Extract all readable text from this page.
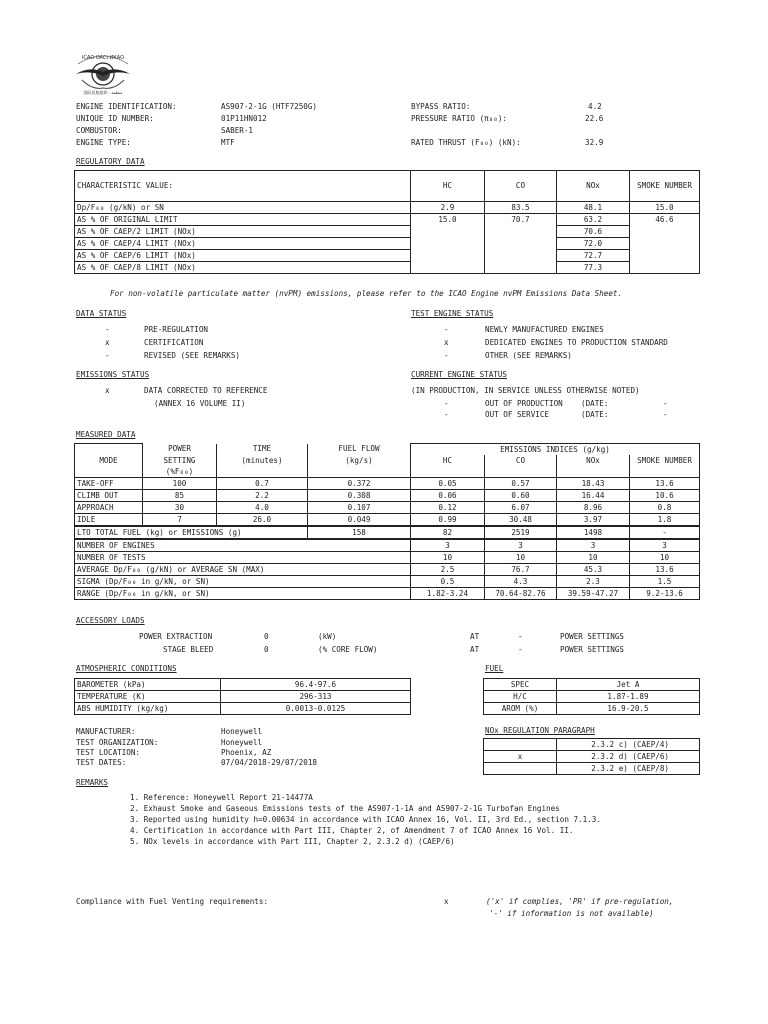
ICAO·OACI·ИКАО
国际民航组织 · منظمة
ENGINE IDENTIFICATION:	AS907-2-1G (HTF7250G)
UNIQUE ID NUMBER:	01P11HN012
COMBUSTOR:	SABER-1
ENGINE TYPE:	MTF
BYPASS RATIO:	4.2
PRESSURE RATIO (π₀₀):	22.6
RATED THRUST (F₀₀) (kN):	32.9
REGULATORY DATA
CHARACTERISTIC VALUE:	HC	CO	NOx	SMOKE NUMBER
Dp/F₀₀ (g/kN) or SN	2.9	83.5	48.1	15.0
AS % OF ORIGINAL LIMIT	15.0	70.7	63.2	46.6
AS % OF CAEP/2 LIMIT (NOx)			70.6	
AS % OF CAEP/4 LIMIT (NOx)			72.0	
AS % OF CAEP/6 LIMIT (NOx)			72.7	
AS % OF CAEP/8 LIMIT (NOx)			77.3	
For non-volatile particulate matter (nvPM) emissions, please refer to the ICAO Engine nvPM Emissions Data Sheet.
DATA STATUS
-	PRE-REGULATION
x	CERTIFICATION
-	REVISED (SEE REMARKS)
TEST ENGINE STATUS
-	NEWLY MANUFACTURED ENGINES
x	DEDICATED ENGINES TO PRODUCTION STANDARD
-	OTHER (SEE REMARKS)
EMISSIONS STATUS
x	DATA CORRECTED TO REFERENCE
(ANNEX 16 VOLUME II)
CURRENT ENGINE STATUS
(IN PRODUCTION, IN SERVICE UNLESS OTHERWISE NOTED)
-	OUT OF PRODUCTION (DATE:	-
-	OUT OF SERVICE	(DATE:	-
MEASURED DATA
	POWER	TIME	FUEL FLOW	EMISSIONS INDICES (g/kg)			
MODE	SETTING	(minutes)	(kg/s)	HC	CO	NOx	SMOKE NUMBER
	(%F₀₀)						
TAKE-OFF	100	0.7	0.372	0.05	0.57	18.43	13.6
CLIMB OUT	85	2.2	0.308	0.06	0.60	16.44	10.6
APPROACH	30	4.0	0.107	0.12	6.07	8.96	0.8
IDLE	7	26.0	0.049	0.99	30.48	3.97	1.8
LTO TOTAL FUEL (kg) or EMISSIONS (g)			158	82	2519	1498	-
NUMBER OF ENGINES				3	3	3	3
NUMBER OF TESTS				10	10	10	10
AVERAGE Dp/F₀₀ (g/kN) or AVERAGE SN (MAX)				2.5	76.7	45.3	13.6
SIGMA (Dp/F₀₀ in g/kN, or SN)				0.5	4.3	2.3	1.5
RANGE (Dp/F₀₀ in g/kN, or SN)				1.82-3.24	70.64-82.76	39.59-47.27	9.2-13.6
ACCESSORY LOADS
POWER EXTRACTION	0	(kW)	AT	-	POWER SETTINGS
STAGE BLEED	0	(% CORE FLOW)	AT	-	POWER SETTINGS
ATMOSPHERIC CONDITIONS
BAROMETER (kPa)	96.4-97.6
TEMPERATURE (K)	296-313
ABS HUMIDITY (kg/kg)	0.0013-0.0125
FUEL
SPEC	Jet A
H/C	1.87-1.89
AROM (%)	16.9-20.5
MANUFACTURER:	Honeywell
TEST ORGANIZATION:	Honeywell
TEST LOCATION:	Phoenix, AZ
TEST DATES:	07/04/2018-29/07/2018
NOx REGULATION PARAGRAPH
	2.3.2 c) (CAEP/4)
x	2.3.2 d) (CAEP/6)
	2.3.2 e) (CAEP/8)
REMARKS
1. Reference: Honeywell Report 21-14477A
2. Exhaust Smoke and Gaseous Emissions tests of the AS907-1-1A and AS907-2-1G Turbofan Engines
3. Reported using humidity h=0.00634 in accordance with ICAO Annex 16, Vol. II, 3rd Ed., section 7.1.3.
4. Certification in accordance with Part III, Chapter 2, of Amendment 7 of ICAO Annex 16 Vol. II.
5. NOx levels in accordance with Part III, Chapter 2, 2.3.2 d) (CAEP/6)
Compliance with Fuel Venting requirements:	x	('x' if complies, 'PR' if pre-regulation,
'-' if information is not available)
